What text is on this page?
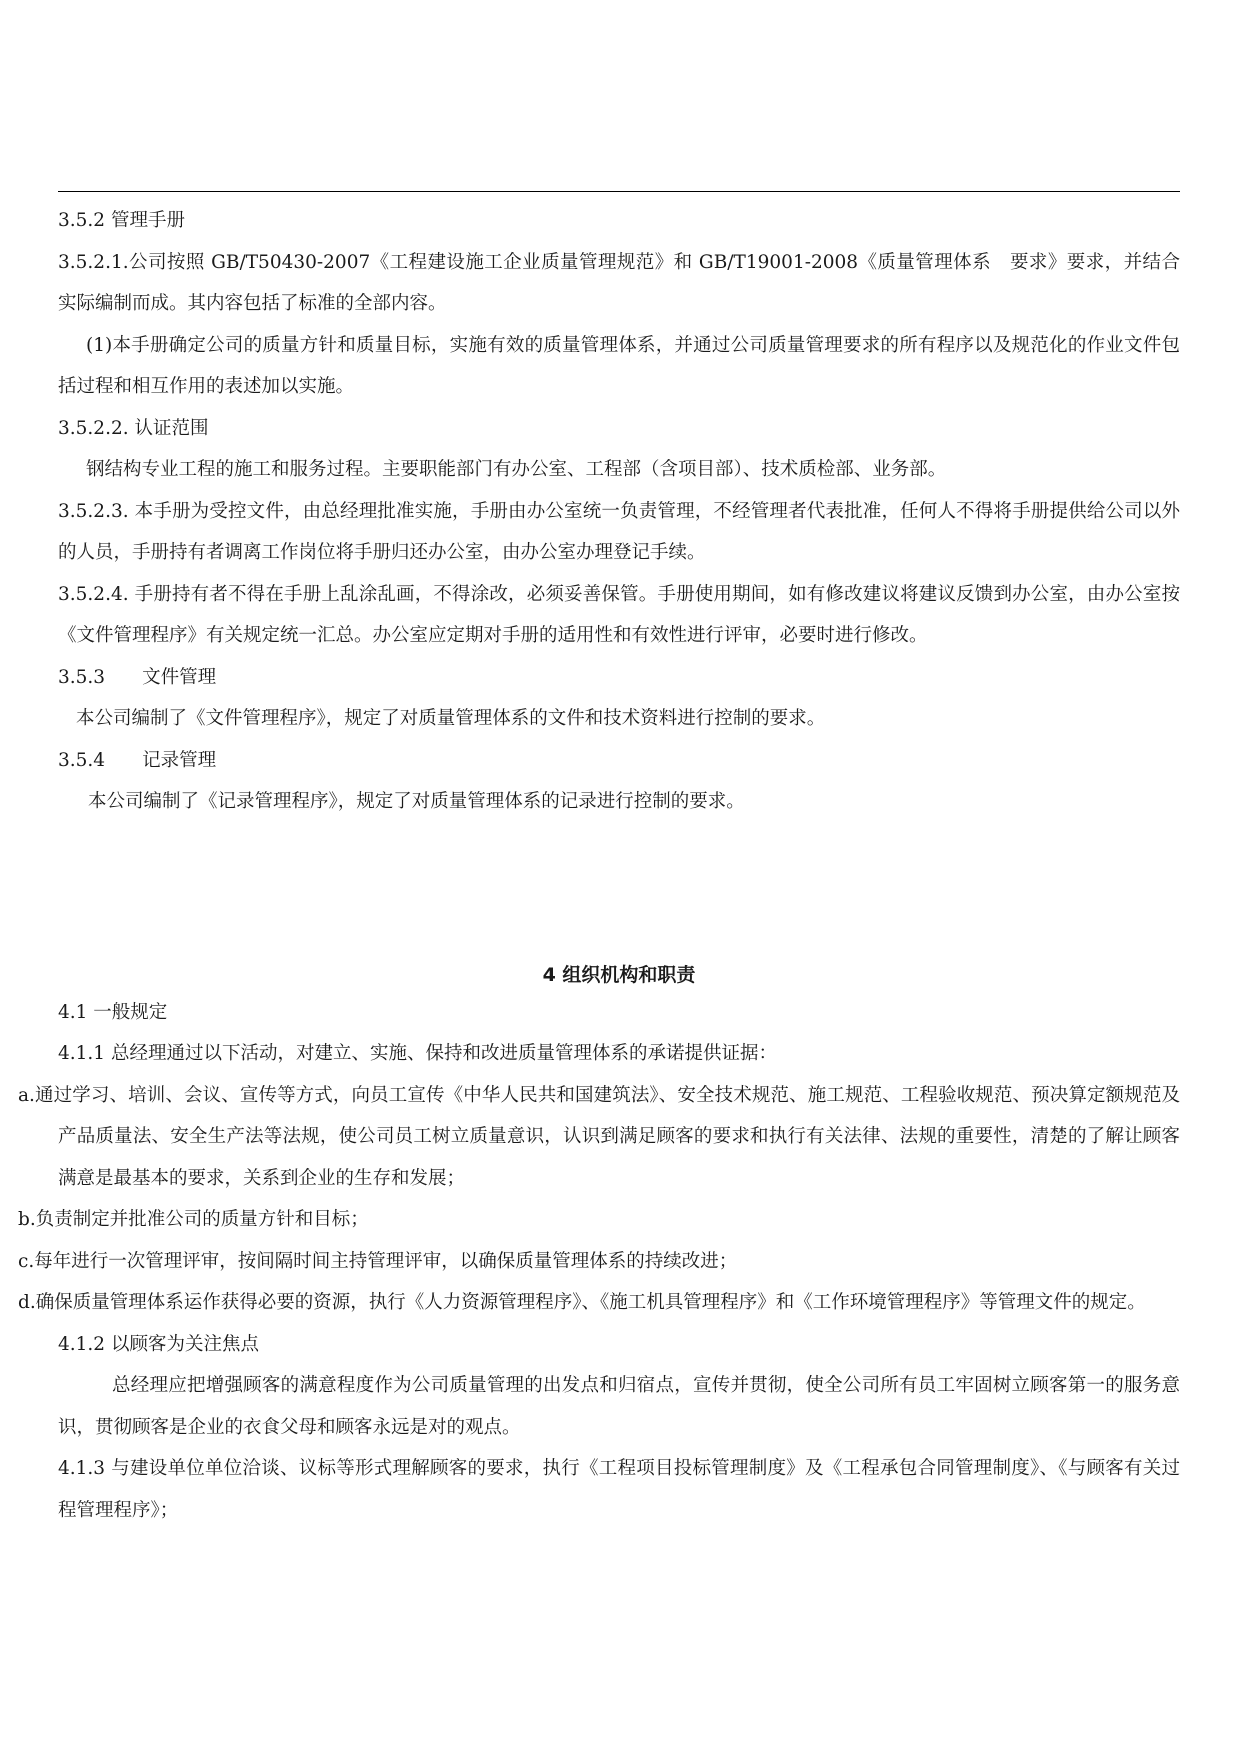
3.5.2 管理手册

3.5.2.1.公司按照 GB/T50430-2007《工程建设施工企业质量管理规范》和 GB/T19001-2008《质量管理体系　要求》要求，并结合实际编制而成。其内容包括了标准的全部内容。

(1)本手册确定公司的质量方针和质量目标，实施有效的质量管理体系，并通过公司质量管理要求的所有程序以及规范化的作业文件包括过程和相互作用的表述加以实施。

3.5.2.2. 认证范围

钢结构专业工程的施工和服务过程。主要职能部门有办公室、工程部（含项目部）、技术质检部、业务部。

3.5.2.3. 本手册为受控文件，由总经理批准实施，手册由办公室统一负责管理，不经管理者代表批准，任何人不得将手册提供给公司以外的人员，手册持有者调离工作岗位将手册归还办公室，由办公室办理登记手续。

3.5.2.4. 手册持有者不得在手册上乱涂乱画，不得涂改，必须妥善保管。手册使用期间，如有修改建议将建议反馈到办公室，由办公室按《文件管理程序》有关规定统一汇总。办公室应定期对手册的适用性和有效性进行评审，必要时进行修改。

3.5.3　　文件管理

本公司编制了《文件管理程序》，规定了对质量管理体系的文件和技术资料进行控制的要求。

3.5.4　　记录管理

本公司编制了《记录管理程序》，规定了对质量管理体系的记录进行控制的要求。

4 组织机构和职责

4.1 一般规定

4.1.1 总经理通过以下活动，对建立、实施、保持和改进质量管理体系的承诺提供证据：

a.通过学习、培训、会议、宣传等方式，向员工宣传《中华人民共和国建筑法》、安全技术规范、施工规范、工程验收规范、预决算定额规范及产品质量法、安全生产法等法规，使公司员工树立质量意识，认识到满足顾客的要求和执行有关法律、法规的重要性，清楚的了解让顾客满意是最基本的要求，关系到企业的生存和发展；

b.负责制定并批准公司的质量方针和目标；

c.每年进行一次管理评审，按间隔时间主持管理评审，以确保质量管理体系的持续改进；

d.确保质量管理体系运作获得必要的资源，执行《人力资源管理程序》、《施工机具管理程序》和《工作环境管理程序》等管理文件的规定。

4.1.2 以顾客为关注焦点

总经理应把增强顾客的满意程度作为公司质量管理的出发点和归宿点，宣传并贯彻，使全公司所有员工牢固树立顾客第一的服务意识，贯彻顾客是企业的衣食父母和顾客永远是对的观点。

4.1.3 与建设单位单位洽谈、议标等形式理解顾客的要求，执行《工程项目投标管理制度》及《工程承包合同管理制度》、《与顾客有关过程管理程序》；
